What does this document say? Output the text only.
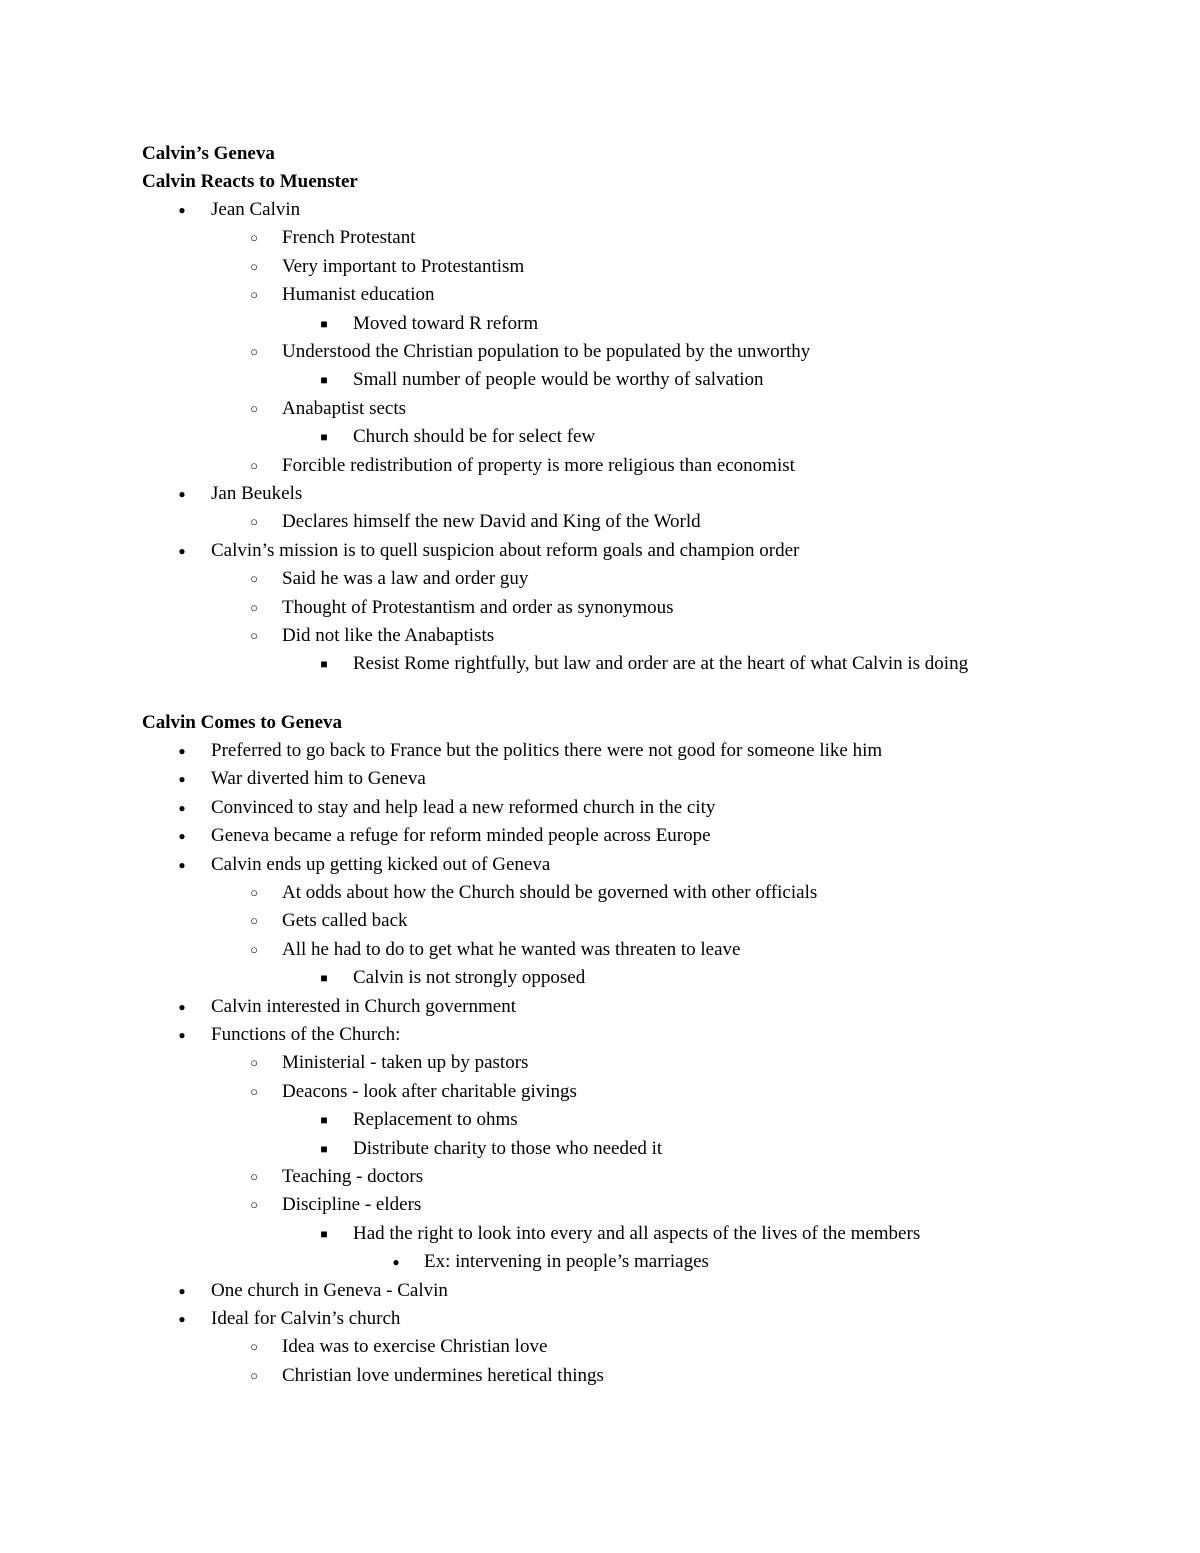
Calvin’s Geneva
Calvin Reacts to Muenster
●	Jean Calvin
○	French Protestant
○	Very important to Protestantism
○	Humanist education
■	Moved toward R reform
○	Understood the Christian population to be populated by the unworthy
■	Small number of people would be worthy of salvation
○	Anabaptist sects
■	Church should be for select few
○	Forcible redistribution of property is more religious than economist
●	Jan Beukels
○	Declares himself the new David and King of the World
●	Calvin’s mission is to quell suspicion about reform goals and champion order
○	Said he was a law and order guy
○	Thought of Protestantism and order as synonymous
○	Did not like the Anabaptists
■	Resist Rome rightfully, but law and order are at the heart of what Calvin is doing
Calvin Comes to Geneva
●	Preferred to go back to France but the politics there were not good for someone like him
●	War diverted him to Geneva
●	Convinced to stay and help lead a new reformed church in the city
●	Geneva became a refuge for reform minded people across Europe
●	Calvin ends up getting kicked out of Geneva
○	At odds about how the Church should be governed with other officials
○	Gets called back
○	All he had to do to get what he wanted was threaten to leave
■	Calvin is not strongly opposed
●	Calvin interested in Church government
●	Functions of the Church:
○	Ministerial - taken up by pastors
○	Deacons - look after charitable givings
■	Replacement to ohms
■	Distribute charity to those who needed it
○	Teaching - doctors
○	Discipline - elders
■	Had the right to look into every and all aspects of the lives of the members
●	Ex: intervening in people’s marriages
●	One church in Geneva - Calvin
●	Ideal for Calvin’s church
○	Idea was to exercise Christian love
○	Christian love undermines heretical things
